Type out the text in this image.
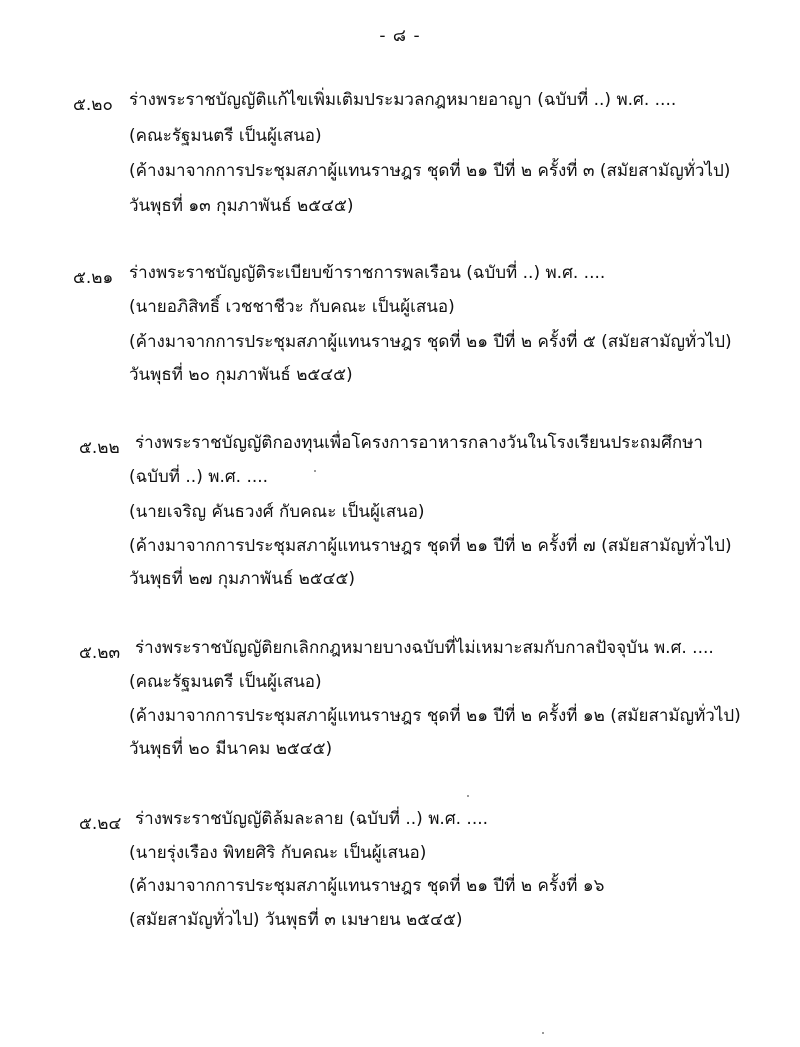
- ๘ -
๕.๒๐ ร่างพระราชบัญญัติแก้ไขเพิ่มเติมประมวลกฎหมายอาญา (ฉบับที่ ..) พ.ศ. ....
(คณะรัฐมนตรี เป็นผู้เสนอ)
(ค้างมาจากการประชุมสภาผู้แทนราษฎร ชุดที่ ๒๑ ปีที่ ๒ ครั้งที่ ๓ (สมัยสามัญทั่วไป)
วันพุธที่ ๑๓ กุมภาพันธ์ ๒๕๔๕)
๕.๒๑ ร่างพระราชบัญญัติระเบียบข้าราชการพลเรือน (ฉบับที่ ..) พ.ศ. ....
(นายอภิสิทธิ์ เวชชาชีวะ กับคณะ เป็นผู้เสนอ)
(ค้างมาจากการประชุมสภาผู้แทนราษฎร ชุดที่ ๒๑ ปีที่ ๒ ครั้งที่ ๕ (สมัยสามัญทั่วไป)
วันพุธที่ ๒๐ กุมภาพันธ์ ๒๕๔๕)
๕.๒๒ ร่างพระราชบัญญัติกองทุนเพื่อโครงการอาหารกลางวันในโรงเรียนประถมศึกษา
(ฉบับที่ ..) พ.ศ. ....
(นายเจริญ คันธวงศ์ กับคณะ เป็นผู้เสนอ)
(ค้างมาจากการประชุมสภาผู้แทนราษฎร ชุดที่ ๒๑ ปีที่ ๒ ครั้งที่ ๗ (สมัยสามัญทั่วไป)
วันพุธที่ ๒๗ กุมภาพันธ์ ๒๕๔๕)
๕.๒๓ ร่างพระราชบัญญัติยกเลิกกฎหมายบางฉบับที่ไม่เหมาะสมกับกาลปัจจุบัน พ.ศ. ....
(คณะรัฐมนตรี เป็นผู้เสนอ)
(ค้างมาจากการประชุมสภาผู้แทนราษฎร ชุดที่ ๒๑ ปีที่ ๒ ครั้งที่ ๑๒ (สมัยสามัญทั่วไป)
วันพุธที่ ๒๐ มีนาคม ๒๕๔๕)
๕.๒๔ ร่างพระราชบัญญัติล้มละลาย (ฉบับที่ ..) พ.ศ. ....
(นายรุ่งเรือง พิทยศิริ กับคณะ เป็นผู้เสนอ)
(ค้างมาจากการประชุมสภาผู้แทนราษฎร ชุดที่ ๒๑ ปีที่ ๒ ครั้งที่ ๑๖
(สมัยสามัญทั่วไป) วันพุธที่ ๓ เมษายน ๒๕๔๕)
